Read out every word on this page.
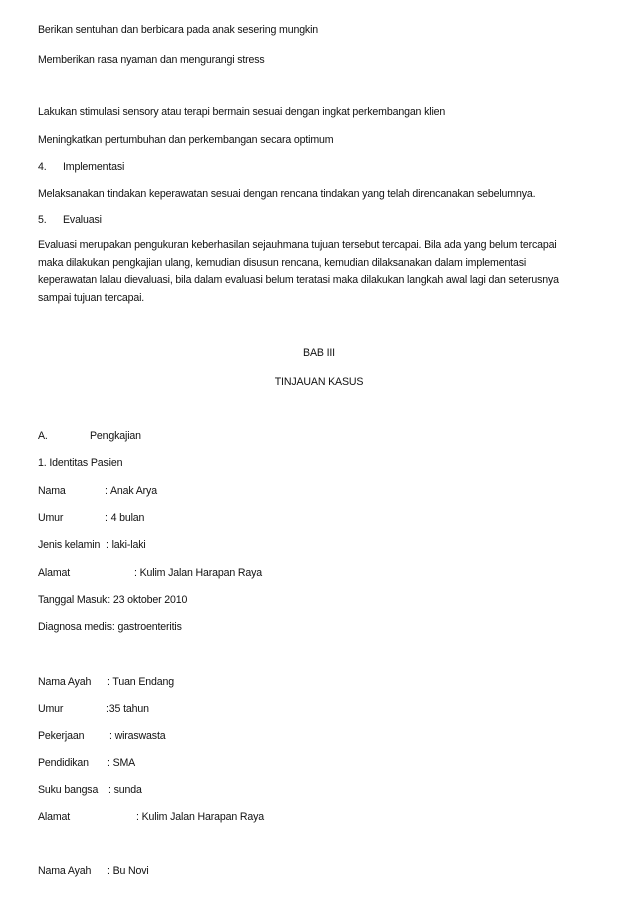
Berikan sentuhan dan berbicara pada anak sesering mungkin
Memberikan rasa nyaman dan mengurangi stress
Lakukan stimulasi sensory atau terapi bermain sesuai dengan ingkat perkembangan klien
Meningkatkan pertumbuhan dan perkembangan secara optimum
4. Implementasi
Melaksanakan tindakan keperawatan sesuai dengan rencana tindakan yang telah direncanakan sebelumnya.
5. Evaluasi
Evaluasi merupakan pengukuran keberhasilan sejauhmana tujuan tersebut tercapai. Bila ada yang belum tercapai
maka dilakukan pengkajian ulang, kemudian disusun rencana, kemudian dilaksanakan dalam implementasi
keperawatan lalau dievaluasi, bila dalam evaluasi belum teratasi maka dilakukan langkah awal lagi dan seterusnya
sampai tujuan tercapai.
BAB III
TINJAUAN KASUS
A.	Pengkajian
1. Identitas Pasien
Nama	: Anak Arya
Umur	: 4 bulan
Jenis kelamin : laki-laki
Alamat	: Kulim Jalan Harapan Raya
Tanggal Masuk: 23 oktober 2010
Diagnosa medis: gastroenteritis
Nama Ayah : Tuan Endang
Umur	:35 tahun
Pekerjaan : wiraswasta
Pendidikan : SMA
Suku bangsa : sunda
Alamat	: Kulim Jalan Harapan Raya
Nama Ayah : Bu Novi
